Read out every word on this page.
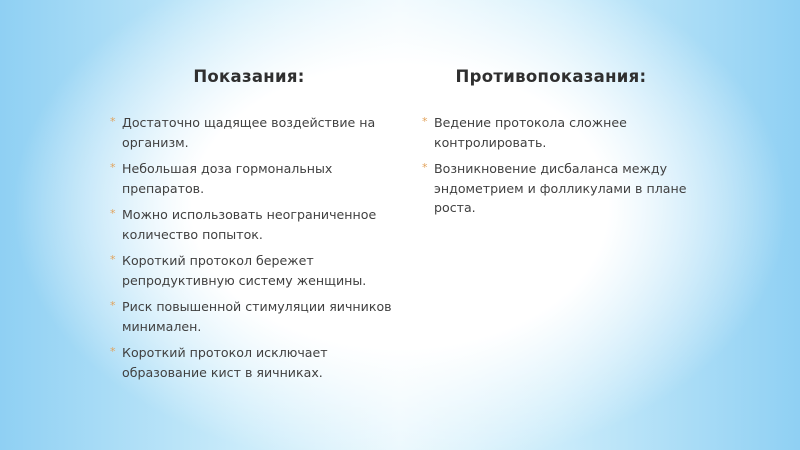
Показания:
* Достаточно щадящее воздействие на организм.
* Небольшая доза гормональных препаратов.
* Можно использовать неограниченное количество попыток.
* Короткий протокол бережет репродуктивную систему женщины.
* Риск повышенной стимуляции яичников минимален.
* Короткий протокол исключает образование кист в яичниках.
Противопоказания:
* Ведение протокола сложнее контролировать.
* Возникновение дисбаланса между эндометрием и фолликулами в плане роста.
